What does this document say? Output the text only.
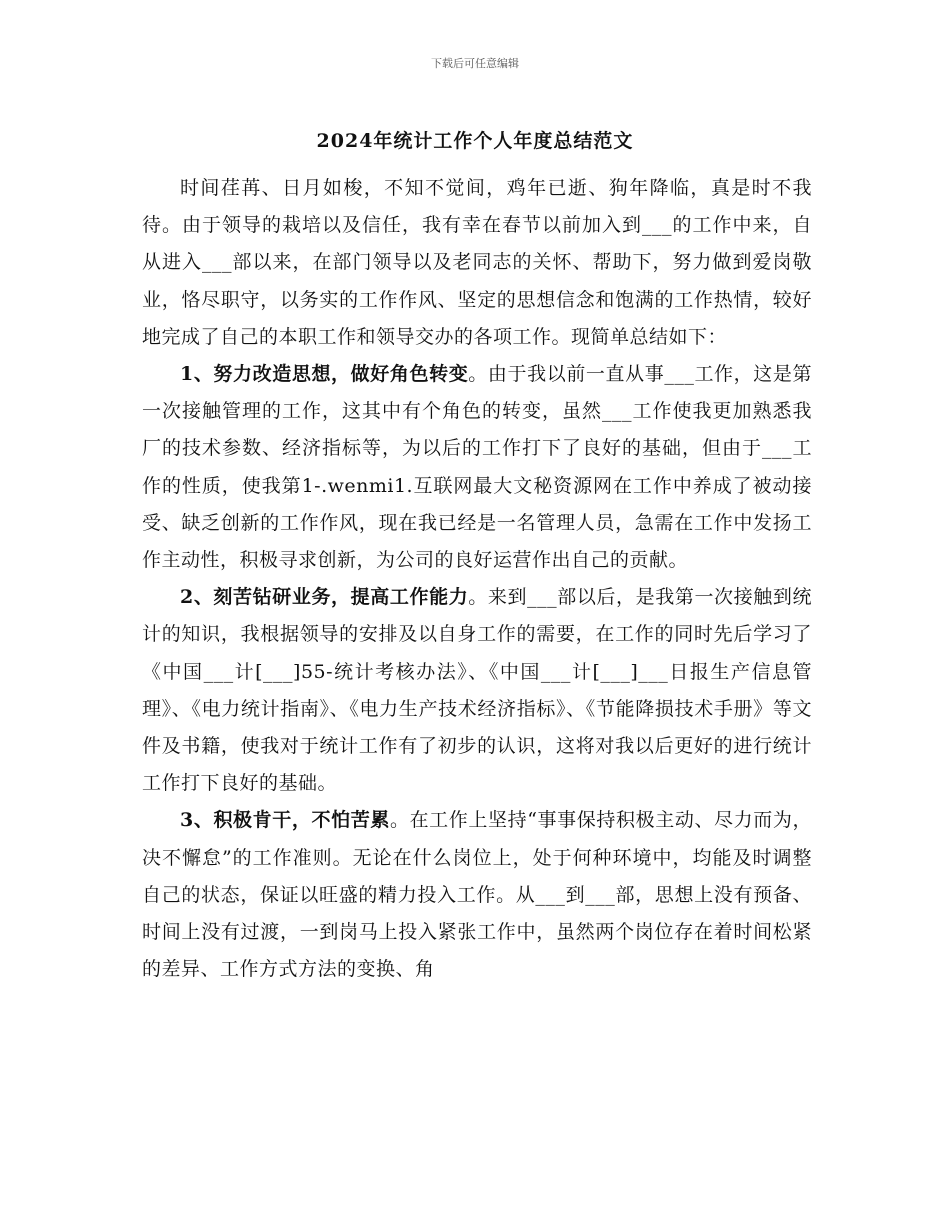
下载后可任意编辑
2024年统计工作个人年度总结范文

时间荏苒、日月如梭，不知不觉间，鸡年已逝、狗年降临，真是时不我待。由于领导的栽培以及信任，我有幸在春节以前加入到___的工作中来，自从进入___部以来，在部门领导以及老同志的关怀、帮助下，努力做到爱岗敬业，恪尽职守，以务实的工作作风、坚定的思想信念和饱满的工作热情，较好地完成了自己的本职工作和领导交办的各项工作。现简单总结如下：

1、努力改造思想，做好角色转变。由于我以前一直从事___工作，这是第一次接触管理的工作，这其中有个角色的转变，虽然___工作使我更加熟悉我厂的技术参数、经济指标等，为以后的工作打下了良好的基础，但由于___工作的性质，使我第1-.wenmi1.互联网最大文秘资源网在工作中养成了被动接受、缺乏创新的工作作风，现在我已经是一名管理人员，急需在工作中发扬工作主动性，积极寻求创新，为公司的良好运营作出自己的贡献。

2、刻苦钻研业务，提高工作能力。来到___部以后，是我第一次接触到统计的知识，我根据领导的安排及以自身工作的需要，在工作的同时先后学习了《中国___计[___]55-统计考核办法》、《中国___计[___]___日报生产信息管理》、《电力统计指南》、《电力生产技术经济指标》、《节能降损技术手册》等文件及书籍，使我对于统计工作有了初步的认识，这将对我以后更好的进行统计工作打下良好的基础。

3、积极肯干，不怕苦累。在工作上坚持“事事保持积极主动、尽力而为，决不懈怠”的工作准则。无论在什么岗位上，处于何种环境中，均能及时调整自己的状态，保证以旺盛的精力投入工作。从___到___部，思想上没有预备、时间上没有过渡，一到岗马上投入紧张工作中，虽然两个岗位存在着时间松紧的差异、工作方式方法的变换、角
